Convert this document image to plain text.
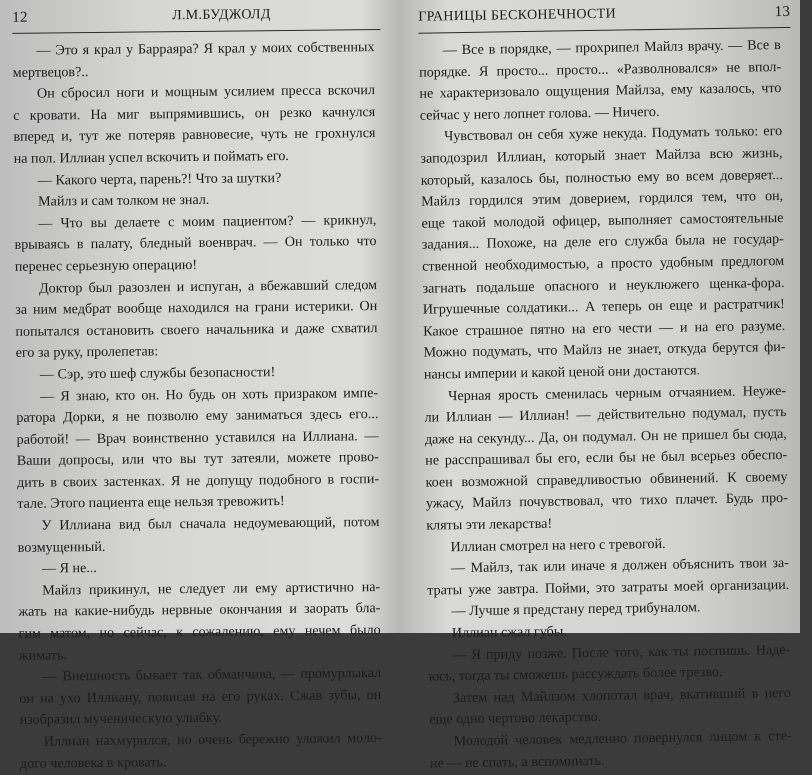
12	Л.М.БУДЖОЛД
— Это я крал у Барраяра? Я крал у моих собственных
мертвецов?..
Он сбросил ноги и мощным усилием пресса вскочил
с кровати. На миг выпрямившись, он резко качнулся
вперед и, тут же потеряв равновесие, чуть не грохнулся
на пол. Иллиан успел вскочить и поймать его.
— Какого черта, парень?! Что за шутки?
Майлз и сам толком не знал.
— Что вы делаете с моим пациентом? — крикнул,
врываясь в палату, бледный военврач. — Он только что
перенес серьезную операцию!
Доктор был разозлен и испуган, а вбежавший следом
за ним медбрат вообще находился на грани истерики. Он
попытался остановить своего начальника и даже схватил
его за руку, пролепетав:
— Сэр, это шеф службы безопасности!
— Я знаю, кто он. Но будь он хоть призраком импе-
ратора Дорки, я не позволю ему заниматься здесь его...
работой! — Врач воинственно уставился на Иллиана. —
Ваши допросы, или что вы тут затеяли, можете прово-
дить в своих застенках. Я не допущу подобного в госпи-
тале. Этого пациента еще нельзя тревожить!
У Иллиана вид был сначала недоумевающий, потом
возмущенный.
— Я не...
Майлз прикинул, не следует ли ему артистично на-
жать на какие-нибудь нервные окончания и заорать бла-
гим матом, но сейчас, к сожалению, ему нечем было
жимать.
— Внешность бывает так обманчива, — промурлыкал
он на ухо Иллиану, повисая на его руках. Сжав зубы, он
изобразил мученическую улыбку.
Иллиан нахмурился, но очень бережно уложил моло-
дого человека в кровать.
ГРАНИЦЫ БЕСКОНЕЧНОСТИ	13
— Все в порядке, — прохрипел Майлз врачу. — Все в
порядке. Я просто... просто... «Разволновался» не впол-
не характеризовало ощущения Майлза, ему казалось, что
сейчас у него лопнет голова. — Ничего.
Чувствовал он себя хуже некуда. Подумать только: его
заподозрил Иллиан, который знает Майлза всю жизнь,
который, казалось бы, полностью ему во всем доверяет...
Майлз гордился этим доверием, гордился тем, что он,
еще такой молодой офицер, выполняет самостоятельные
задания... Похоже, на деле его служба была не государ-
ственной необходимостью, а просто удобным предлогом
загнать подальше опасного и неуклюжего щенка-фора.
Игрушечные солдатики... А теперь он еще и растратчик!
Какое страшное пятно на его чести — и на его разуме.
Можно подумать, что Майлз не знает, откуда берутся фи-
нансы империи и какой ценой они достаются.
Черная ярость сменилась черным отчаянием. Неуже-
ли Иллиан — Иллиан! — действительно подумал, пусть
даже на секунду... Да, он подумал. Он не пришел бы сюда,
не расспрашивал бы его, если бы не был всерьез обеспо-
коен возможной справедливостью обвинений. К своему
ужасу, Майлз почувствовал, что тихо плачет. Будь про-
кляты эти лекарства!
Иллиан смотрел на него с тревогой.
— Майлз, так или иначе я должен объяснить твои за-
траты уже завтра. Пойми, это затраты моей организации.
— Лучше я предстану перед трибуналом.
Иллиан сжал губы.
— Я приду позже. После того, как ты поспишь. Наде-
юсь, тогда ты сможешь рассуждать более трезво.
Затем над Майлзом хлопотал врач, вкативший в него
еще одно чертово лекарство.
Молодой человек медленно повернулся лицом к сте-
не — не спать, а вспоминать.
